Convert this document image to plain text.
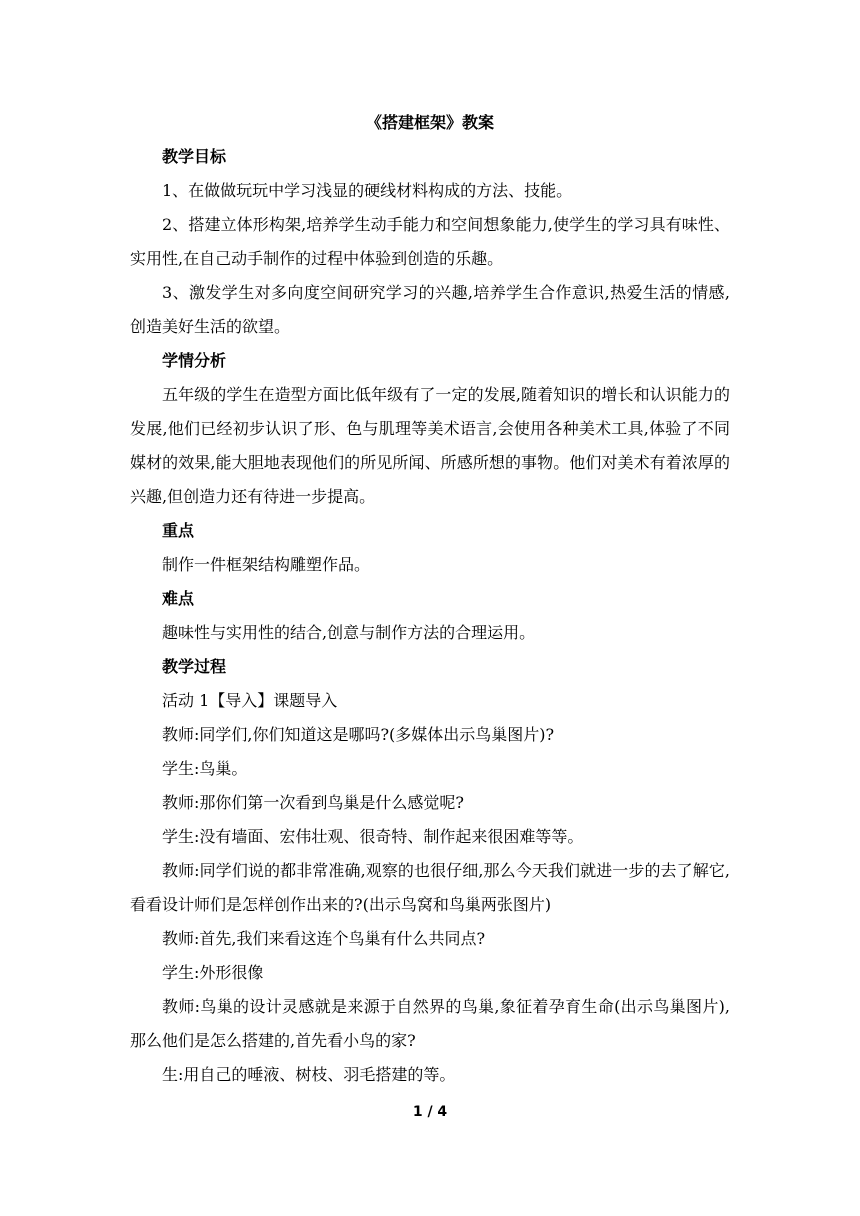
《搭建框架》教案

教学目标

1、在做做玩玩中学习浅显的硬线材料构成的方法、技能。

2、搭建立体形构架,培养学生动手能力和空间想象能力,使学生的学习具有味性、实用性,在自己动手制作的过程中体验到创造的乐趣。

3、激发学生对多向度空间研究学习的兴趣,培养学生合作意识,热爱生活的情感,创造美好生活的欲望。

学情分析

五年级的学生在造型方面比低年级有了一定的发展,随着知识的增长和认识能力的发展,他们已经初步认识了形、色与肌理等美术语言,会使用各种美术工具,体验了不同媒材的效果,能大胆地表现他们的所见所闻、所感所想的事物。他们对美术有着浓厚的兴趣,但创造力还有待进一步提高。

重点

制作一件框架结构雕塑作品。

难点

趣味性与实用性的结合,创意与制作方法的合理运用。

教学过程

活动 1【导入】课题导入

教师:同学们,你们知道这是哪吗?(多媒体出示鸟巢图片)?

学生:鸟巢。

教师:那你们第一次看到鸟巢是什么感觉呢?

学生:没有墙面、宏伟壮观、很奇特、制作起来很困难等等。

教师:同学们说的都非常准确,观察的也很仔细,那么今天我们就进一步的去了解它,看看设计师们是怎样创作出来的?(出示鸟窝和鸟巢两张图片)

教师:首先,我们来看这连个鸟巢有什么共同点?

学生:外形很像

教师:鸟巢的设计灵感就是来源于自然界的鸟巢,象征着孕育生命(出示鸟巢图片),那么他们是怎么搭建的,首先看小鸟的家?

生:用自己的唾液、树枝、羽毛搭建的等。

1 / 4
